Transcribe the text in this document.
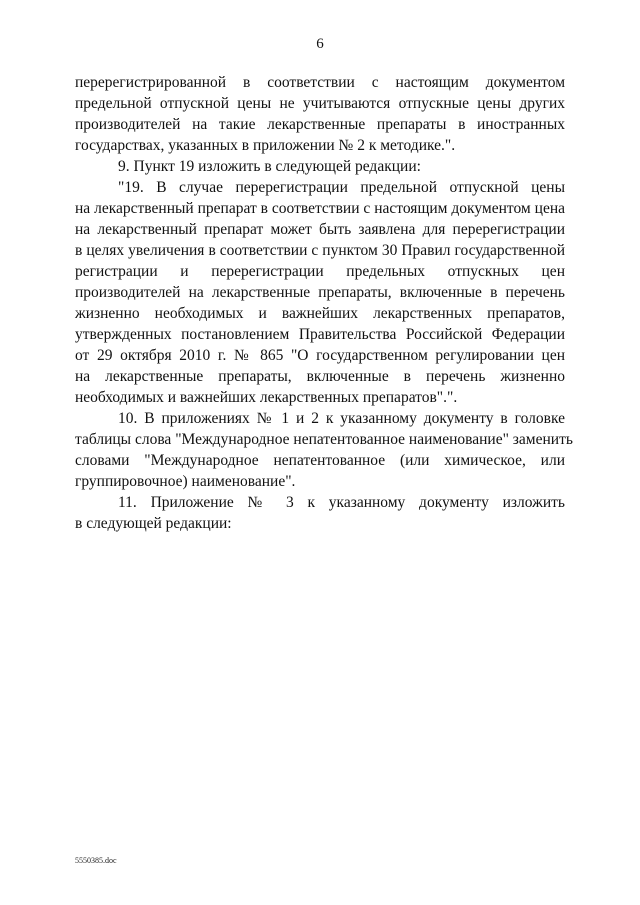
6
перерегистрированной в соответствии с настоящим документом
предельной отпускной цены не учитываются отпускные цены других
производителей на такие лекарственные препараты в иностранных
государствах, указанных в приложении № 2 к методике.".
9. Пункт 19 изложить в следующей редакции:
"19. В случае перерегистрации предельной отпускной цены
на лекарственный препарат в соответствии с настоящим документом цена
на лекарственный препарат может быть заявлена для перерегистрации
в целях увеличения в соответствии с пунктом 30 Правил государственной
регистрации и перерегистрации предельных отпускных цен
производителей на лекарственные препараты, включенные в перечень
жизненно необходимых и важнейших лекарственных препаратов,
утвержденных постановлением Правительства Российской Федерации
от 29 октября 2010 г. № 865 "О государственном регулировании цен
на лекарственные препараты, включенные в перечень жизненно
необходимых и важнейших лекарственных препаратов".".
10. В приложениях № 1 и 2 к указанному документу в головке
таблицы слова "Международное непатентованное наименование" заменить
словами "Международное непатентованное (или химическое, или
группировочное) наименование".
11. Приложение № 3 к указанному документу изложить
в следующей редакции:
5550385.doc
